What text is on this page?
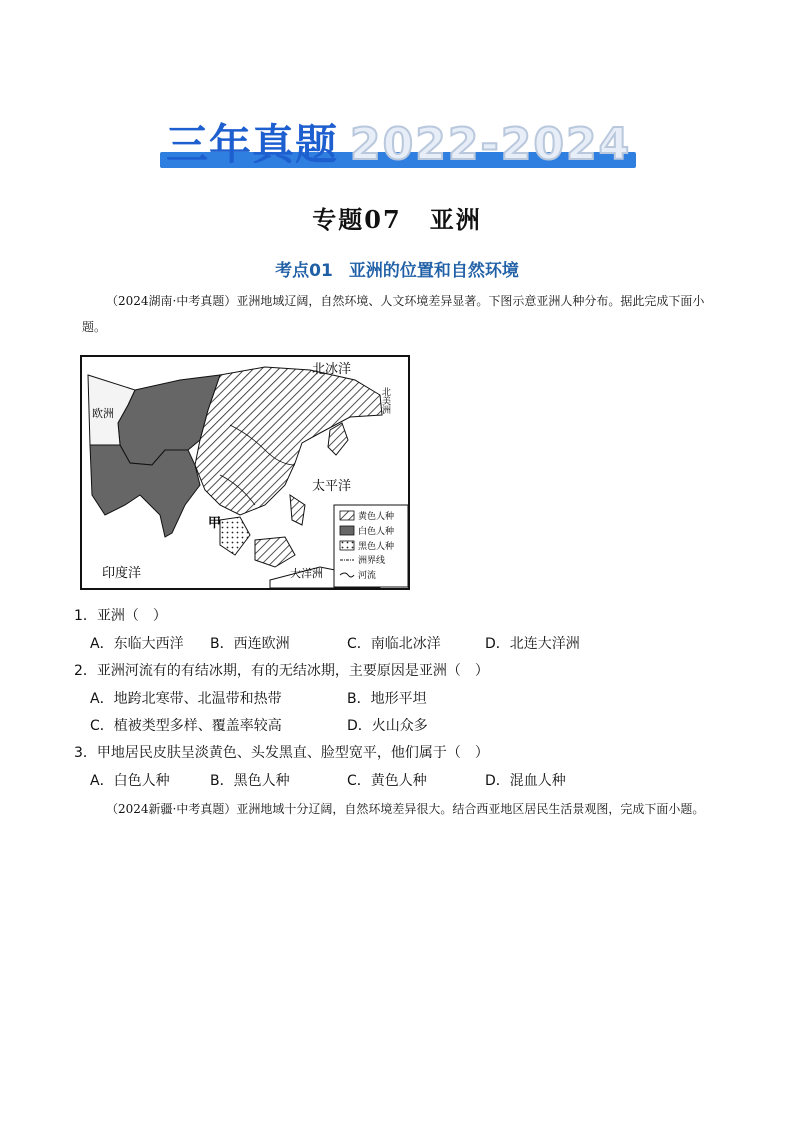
三年真题 2022-2024
专题07 亚洲
考点01 亚洲的位置和自然环境
（2024湖南·中考真题）亚洲地域辽阔，自然环境、人文环境差异显著。下图示意亚洲人种分布。据此完成下面小题。
北冰洋
北美洲
欧洲
太平洋
印度洋	大洋洲
甲	黄色人种
白色人种
黑色人种
洲界线
河流
1．亚洲（　）
A．东临大西洋 B．西连欧洲	C．南临北冰洋	D．北连大洋洲
2．亚洲河流有的有结冰期，有的无结冰期，主要原因是亚洲（　）
A．地跨北寒带、北温带和热带	B．地形平坦
C．植被类型多样、覆盖率较高	D．火山众多
3．甲地居民皮肤呈淡黄色、头发黑直、脸型宽平，他们属于（　）
A．白色人种	B．黑色人种	C．黄色人种	D．混血人种
（2024新疆·中考真题）亚洲地域十分辽阔，自然环境差异很大。结合西亚地区居民生活景观图，完成下面小题。
